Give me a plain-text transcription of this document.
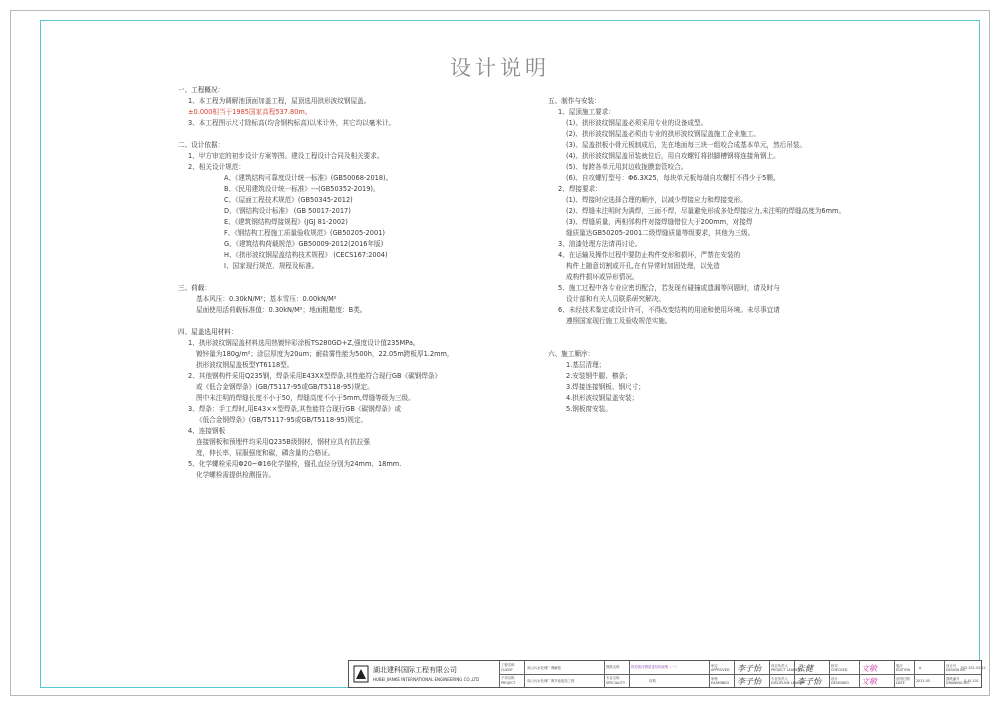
设计说明
一、工程概况：
1、本工程为调解池顶面加盖工程，屋顶选用拱形波纹钢屋盖。
±0.000相当于1985国家高程537.80m。
3、本工程图示尺寸除标高(均含钢构标高)以米计外，其它均以毫米计。
二、设计依据：
1、甲方审定的初步设计方案等图。建设工程设计合同及相关要求。
2、相关设计规范：
A、《建筑结构可靠度设计统一标准》(GB50068-2018)。
B、《民用建筑设计统一标准》---(GB50352-2019)。
C、《屋面工程技术规范》(GB50345-2012)
D、《钢结构设计标准》 (GB 50017-2017)
E、《建筑钢结构焊接规程》(JGJ 81-2002)
F、《钢结构工程施工质量验收规范》(GB50205-2001)
G、《建筑结构荷载规范》GB50009-2012(2016年版)
H、《拱形波纹钢屋盖结构技术规程》 (CECS167:2004)
I、国家现行规范、规程及标准。
三、荷载：
基本风压：0.30kN/M²；基本雪压：0.00kN/M²
屋面使用活荷载标准值：0.30kN/M²；地面粗糙度：B类。
四、屋盖选用材料：
1、拱形波纹钢屋盖材料选用热镀锌彩涂板TS280GD+Z,强度设计值235MPa。
镀锌量为180g/m²；涂层厚度为20um；耐盐雾性能为500h，22.05m跨板厚1.2mm，
拱形波纹钢屋盖板型YT6118型。
2、其他钢构件采用Q235钢，焊条采用E43XX型焊条,其性能符合现行GB《碳钢焊条》
或《低合金钢焊条》(GB/T5117-95或GB/T5118-95)规定。
图中未注明的焊缝长度不小于50，焊缝高度不小于5mm,焊缝等级为三级。
3、焊条：手工焊时,用E43××型焊条,其性能符合现行GB《碳钢焊条》或
《低合金钢焊条》(GB/T5117-95或GB/T5118-95)规定。
4、连接钢板
连接钢板和预埋件均采用Q235B级钢材，钢材应具有抗拉强
度，伸长率，屈服强度和碳，磷含量的合格证。
5、化学螺栓采用Φ20~Φ16化学锚栓，锚孔直径分别为24mm、18mm.
化学螺栓需提供检测报告。
五、制作与安装：
1、屋顶施工要求：
(1)、拱形波纹钢屋盖必须采用专业的设备成型。
(2)、拱形波纹钢屋盖必须由专业的拱形波纹钢屋盖施工企业施工。
(3)、屋盖拱板小骨元板制成后，先在地面每三块一组咬合成基本单元，然后吊装。
(4)、拱形波纹钢屋盖吊装就位后，用自攻螺钉将拱脚槽钢将连接角钢上。
(5)、每跨各单元用封边收拢膜套管咬合。
(6)、自攻螺钉型号：Φ6.3X25，每块单元板每端自攻螺钉不得少于5颗。
2、焊接要求：
(1)、焊接时应选择合理的顺序，以减少焊接应力和焊接变形。
(2)、焊缝未注明时为满焊，三面不焊，尽量避免形成多处焊接应力,未注明的焊缝高度为6mm。
(3)、焊缝质量，两相邻构件对接焊缝错位大于200mm，对接焊
缝质量达GB50205-2001二级焊缝质量等级要求，其他为三级。
3、油漆处理方法请再讨论。
4、在运输及操作过程中要防止构件变形和损坏，严禁在安装的
构件上随意切割或开孔,在有异常时加固处理，以免造
成构件损坏或异形情况。
5、施工过程中各专业应密切配合，若发现有碰撞或遗漏等问题时，请及时与
设计部和有关人员联系研究解决。
6、未经技术鉴定或设计许可，不得改变结构的用途和使用环境。未尽事宜请
遵照国家现行施工及验收规范实施。
六、施工顺序：
1.基层清理；
2.安装钢牛腿、檩条；
3.焊接连接钢板、钢尺寸；
4.拱形波纹钢屋盖安装；
5.钢板窗安装。
湖北建科国际工程有限公司
HUBEI JIANKE INTERNATIONAL ENGINEERING CO.,LTD
工程名称
CLIENT	凤山污水处理厂调解池
子项名称
PROJECT	凤山污水处理厂调节池改造工程
图纸名称	拱形波纹钢屋盖结构说明（一）
专业名称
SPECIALITY	结构
审定
APPROVED 李子怡
审核
EXAMINED 李子怡
项目负责人
PROJECT LEADER
张健
专业负责人
DISCIPLINE LEADER
李子怡
校对
CHECKED 文敏
设计
DESIGNED 文敏
版次
EDITION	A
出图日期
DATE	2021.05
设计号
DESIGN NO.
FS2-3S1-03-11
图纸编号
DRAWING NO.
S-JG-101
